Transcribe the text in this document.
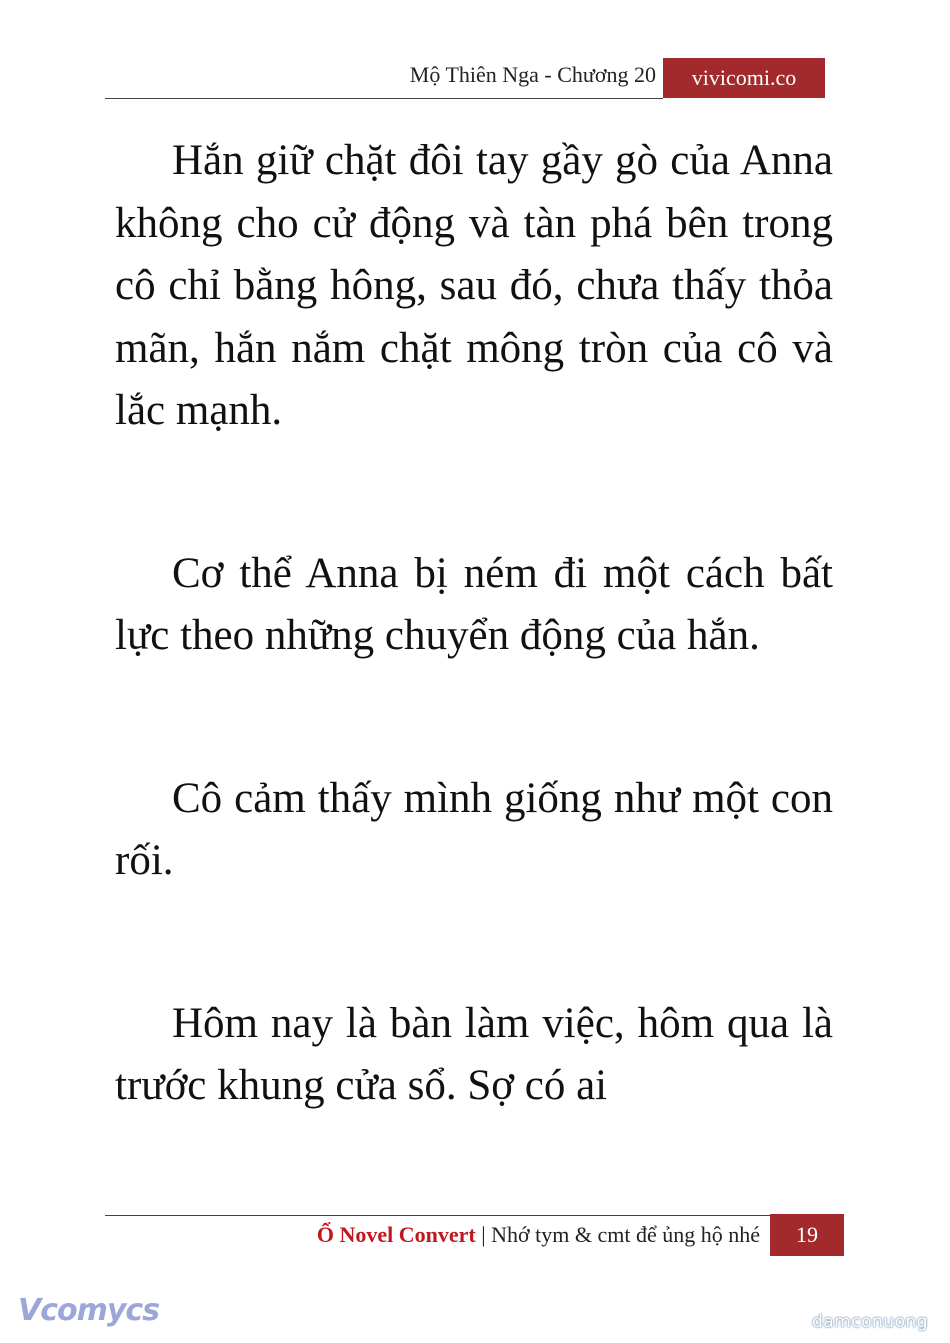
Mộ Thiên Nga - Chương 20	vivicomi.co

Hắn giữ chặt đôi tay gầy gò của Anna không cho cử động và tàn phá bên trong cô chỉ bằng hông, sau đó, chưa thấy thỏa mãn, hắn nắm chặt mông tròn của cô và lắc mạnh.

Cơ thể Anna bị ném đi một cách bất lực theo những chuyển động của hắn.

Cô cảm thấy mình giống như một con rối.

Hôm nay là bàn làm việc, hôm qua là trước khung cửa sổ. Sợ có ai

Ổ Novel Convert | Nhớ tym & cmt để ủng hộ nhé	19
Vcomycs	damconuong
